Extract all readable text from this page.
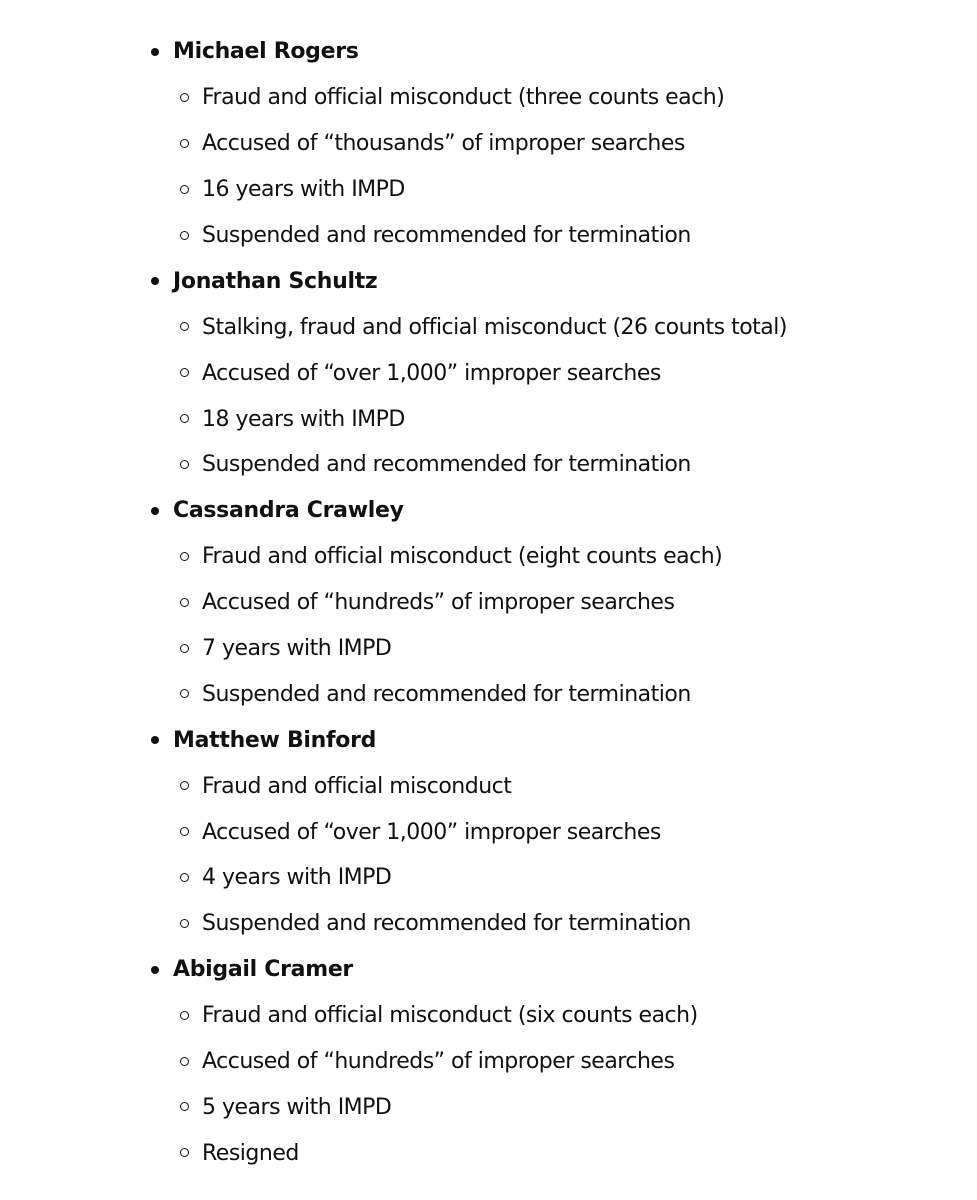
Michael Rogers
Fraud and official misconduct (three counts each)
Accused of “thousands” of improper searches
16 years with IMPD
Suspended and recommended for termination
Jonathan Schultz
Stalking, fraud and official misconduct (26 counts total)
Accused of “over 1,000” improper searches
18 years with IMPD
Suspended and recommended for termination
Cassandra Crawley
Fraud and official misconduct (eight counts each)
Accused of “hundreds” of improper searches
7 years with IMPD
Suspended and recommended for termination
Matthew Binford
Fraud and official misconduct
Accused of “over 1,000” improper searches
4 years with IMPD
Suspended and recommended for termination
Abigail Cramer
Fraud and official misconduct (six counts each)
Accused of “hundreds” of improper searches
5 years with IMPD
Resigned
